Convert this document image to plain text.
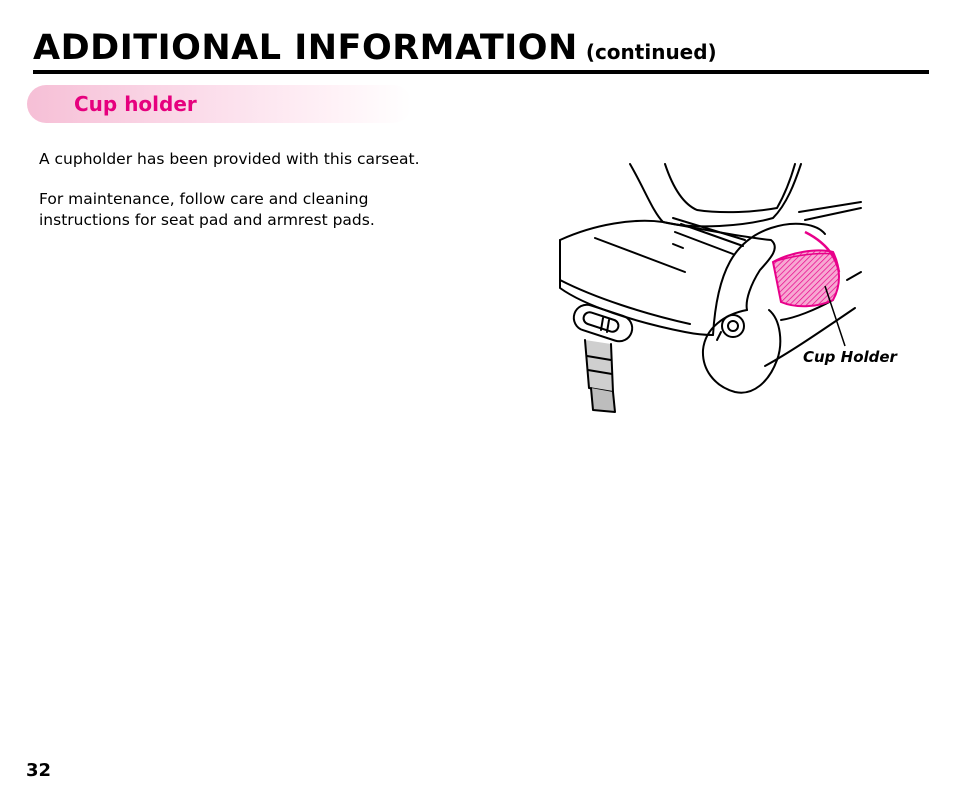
ADDITIONAL INFORMATION (continued)
Cup holder

A cupholder has been provided with this carseat.

For maintenance, follow care and cleaning instructions for seat pad and armrest pads.

Cup Holder
32
